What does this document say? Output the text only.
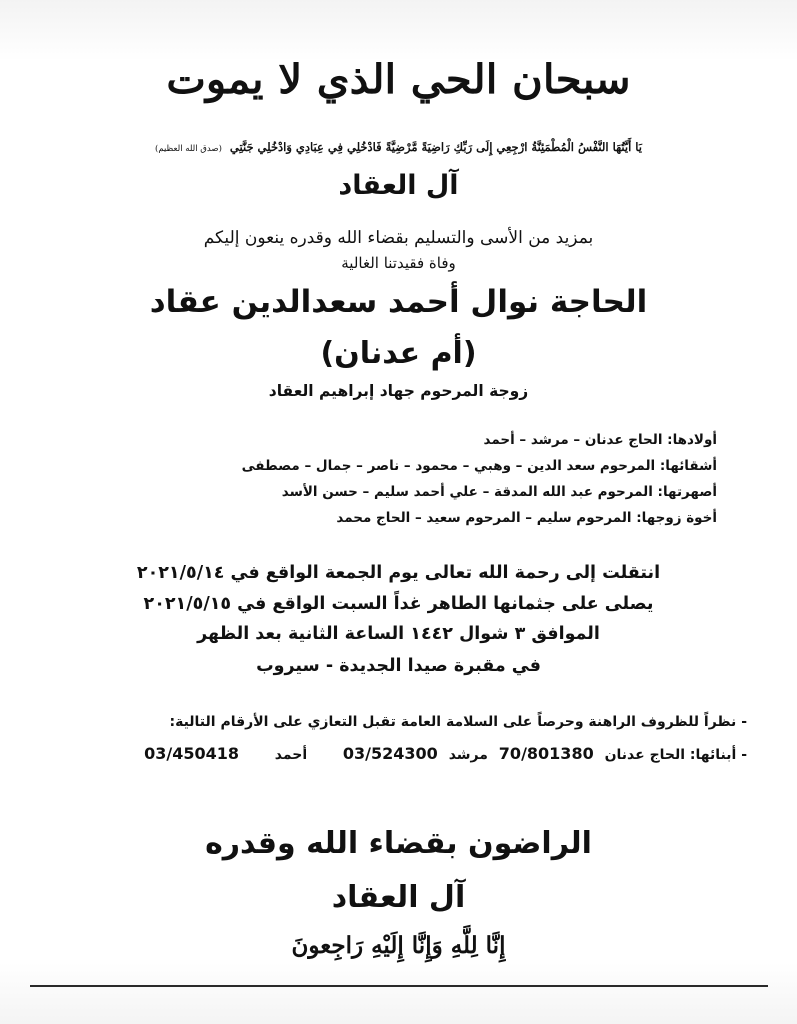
سبحان الحي الذي لا يموت
يَا أَيَّتُهَا النَّفْسُ الْمُطْمَئِنَّةُ ارْجِعِي إِلَى رَبِّكِ رَاضِيَةً مَّرْضِيَّةً فَادْخُلِي فِي عِبَادِي وَادْخُلِي جَنَّتِي (صدق الله العظيم)
آل العقاد
بمزيد من الأسى والتسليم بقضاء الله وقدره ينعون إليكم
وفاة فقيدتنا الغالية
الحاجة نوال أحمد سعدالدين عقاد
(أم عدنان)
زوجة المرحوم جهاد إبراهيم العقاد
أولادها: الحاج عدنان – مرشد – أحمد
أشقائها: المرحوم سعد الدين – وهبي – محمود – ناصر – جمال – مصطفى
أصهرتها: المرحوم عبد الله المدقة – علي أحمد سليم – حسن الأسد
أخوة زوجها: المرحوم سليم – المرحوم سعيد – الحاج محمد
انتقلت إلى رحمة الله تعالى يوم الجمعة الواقع في ٢٠٢١/٥/١٤
يصلى على جثمانها الطاهر غداً السبت الواقع في ٢٠٢١/٥/١٥
الموافق ٣ شوال ١٤٤٢ الساعة الثانية بعد الظهر
في مقبرة صيدا الجديدة - سيروب
- نظراً للظروف الراهنة وحرصاً على السلامة العامة تقبل التعازي على الأرقام التالية:
- أبنائها: الحاج عدنان 70/801380 مرشد 03/524300  أحمد  03/450418
الراضون بقضاء الله وقدره
آل العقاد
إِنَّا لِلَّهِ وَإِنَّا إِلَيْهِ رَاجِعونَ
